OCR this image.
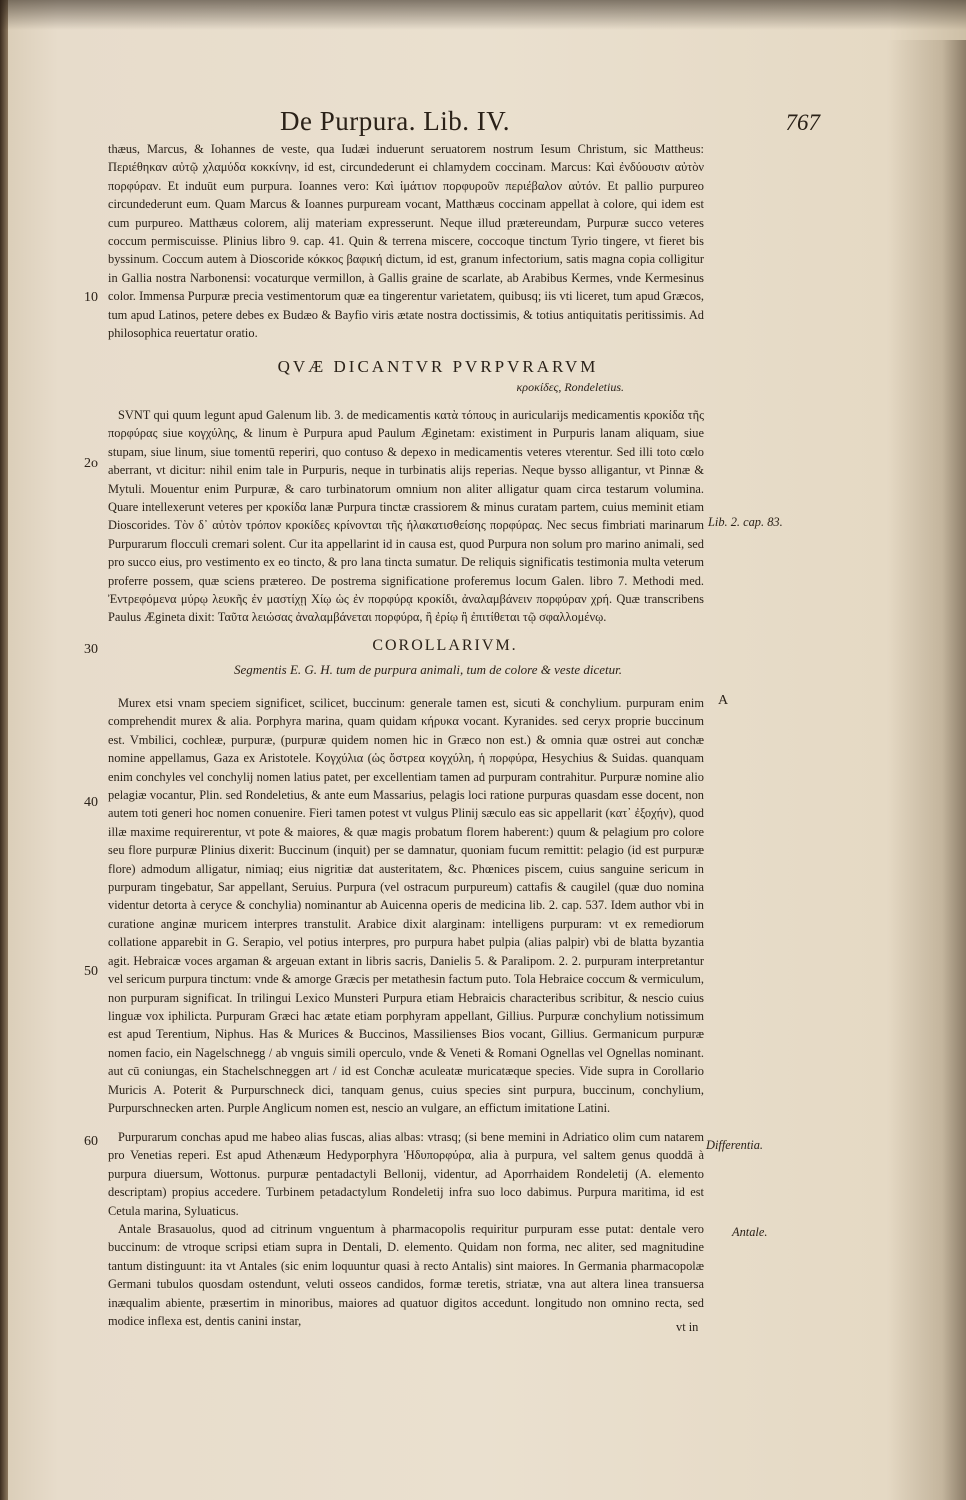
De Purpura. Lib. IV.	767

thæus, Marcus, & Iohannes de veste, qua Iudæi induerunt seruatorem nostrum Iesum Christum, sic Mattheus: Περιέθηκαν αὐτῷ χλαμύδα κοκκίνην, id est, circundederunt ei chlamydem coccinam. Marcus: Καὶ ἐνδύουσιν αὐτὸν πορφύραν. Et induūt eum purpura. Ioannes vero: Καὶ ἱμάτιον πορφυροῦν περιέβαλον αὐτόν. Et pallio purpureo circundederunt eum. Quam Marcus & Ioannes purpuream vocant, Matthæus coccinam appellat à colore, qui idem est cum purpureo. Matthæus colorem, alij materiam expresserunt. Neque illud prætereundam, Purpuræ succo veteres coccum permiscuisse. Plinius libro 9. cap. 41. Quin & terrena miscere, coccoque tinctum Tyrio tingere, vt fieret bis byssinum. Coccum autem à Dioscoride κόκκος βαφική dictum, id est, granum infectorium, satis magna copia colligitur in Gallia nostra Narbonensi: vocaturque vermillon, à Gallis graine de scarlate, ab Arabibus Kermes, vnde Kermesinus color. Immensa Purpuræ precia vestimentorum quæ ea tingerentur varietatem, quibusq; iis vti liceret, tum apud Græcos, tum apud Latinos, petere debes ex Budæo & Bayfio viris ætate nostra doctissimis, & totius antiquitatis peritissimis. Ad philosophica reuertatur oratio.

QVÆ DICANTVR PVRPVRARVM
κροκίδες, Rondeletius.

SVNT qui quum legunt apud Galenum lib. 3. de medicamentis κατὰ τόπους in auricularijs medicamentis κροκίδα τῆς πορφύρας siue κογχύλης, & linum è Purpura apud Paulum Æginetam: existiment in Purpuris lanam aliquam, siue stupam, siue linum, siue tomentū reperiri, quo contuso & depexo in medicamentis veteres vterentur. Sed illi toto cœlo aberrant, vt dicitur: nihil enim tale in Purpuris, neque in turbinatis alijs reperias. Neque bysso alligantur, vt Pinnæ & Mytuli. Mouentur enim Purpuræ, & caro turbinatorum omnium non aliter alligatur quam circa testarum volumina. Quare intellexerunt veteres per κροκίδα lanæ Purpura tinctæ crassiorem & minus curatam partem, cuius meminit etiam Dioscorides. Τὸν δ᾽ αὐτὸν τρόπον κροκίδες κρίνονται τῆς ἡλακατισθείσης πορφύρας. Nec secus fimbriati marinarum Purpurarum flocculi cremari solent. Cur ita appellarint id in causa est, quod Purpura non solum pro marino animali, sed pro succo eius, pro vestimento ex eo tincto, & pro lana tincta sumatur. De reliquis significatis testimonia multa veterum proferre possem, quæ sciens prætereo. De postrema significatione proferemus locum Galen. libro 7. Methodi med. Ἐντρεφόμενα μύρῳ λευκῆς ἐν μαστίχῃ Χίῳ ὡς ἐν πορφύρᾳ κροκίδι, ἀναλαμβάνειν πορφύραν χρή. Quæ transcribens Paulus Ægineta dixit: Ταῦτα λειώσας ἀναλαμβάνεται πορφύρα, ἢ ἐρίῳ ἢ ἐπιτίθεται τῷ σφαλλομένῳ.

COROLLARIVM.
Segmentis E. G. H. tum de purpura animali, tum de colore & veste dicetur.

Murex etsi vnam speciem significet, scilicet, buccinum: generale tamen est, sicuti & conchylium. purpuram enim comprehendit murex & alia. Porphyra marina, quam quidam κήρυκα vocant. Kyranides. sed ceryx proprie buccinum est. Vmbilici, cochleæ, purpuræ, (purpuræ quidem nomen hic in Græco non est.) & omnia quæ ostrei aut conchæ nomine appellamus, Gaza ex Aristotele. Κογχύλια (ὡς ὄστρεα κογχύλη, ἡ πορφύρα, Hesychius & Suidas. quanquam enim conchyles vel conchylij nomen latius patet, per excellentiam tamen ad purpuram contrahitur. Purpuræ nomine alio pelagiæ vocantur, Plin. sed Rondeletius, & ante eum Massarius, pelagis loci ratione purpuras quasdam esse docent, non autem toti generi hoc nomen conuenire. Fieri tamen potest vt vulgus Plinij sæculo eas sic appellarit (κατ᾽ ἐξοχήν), quod illæ maxime requirerentur, vt pote & maiores, & quæ magis probatum florem haberent:) quum & pelagium pro colore seu flore purpuræ Plinius dixerit: Buccinum (inquit) per se damnatur, quoniam fucum remittit: pelagio (id est purpuræ flore) admodum alligatur, nimiaq; eius nigritiæ dat austeritatem, &c. Phœnices piscem, cuius sanguine sericum in purpuram tingebatur, Sar appellant, Seruius. Purpura (vel ostracum purpureum) cattafis & caugilel (quæ duo nomina videntur detorta à ceryce & conchylia) nominantur ab Auicenna operis de medicina lib. 2. cap. 537. Idem author vbi in curatione anginæ muricem interpres transtulit. Arabice dixit alarginam: intelligens purpuram: vt ex remediorum collatione apparebit in G. Serapio, vel potius interpres, pro purpura habet pulpia (alias palpir) vbi de blatta byzantia agit. Hebraicæ voces argaman & argeuan extant in libris sacris, Danielis 5. & Paralipom. 2. 2. purpuram interpretantur vel sericum purpura tinctum: vnde & amorge Græcis per metathesin factum puto. Tola Hebraice coccum & vermiculum, non purpuram significat. In trilingui Lexico Munsteri Purpura etiam Hebraicis characteribus scribitur, & nescio cuius linguæ vox iphilicta. Purpuram Græci hac ætate etiam porphyram appellant, Gillius. Purpuræ conchylium notissimum est apud Terentium, Niphus. Has & Murices & Buccinos, Massilienses Bios vocant, Gillius. Germanicum purpuræ nomen facio, ein Nagelschnegg / ab vnguis simili operculo, vnde & Veneti & Romani Ognellas vel Ognellas nominant. aut cū coniungas, ein Stachelschneggen art / id est Conchæ aculeatæ muricatæque species. Vide supra in Corollario Muricis A. Poterit & Purpurschneck dici, tanquam genus, cuius species sint purpura, buccinum, conchylium, Purpurschnecken arten. Purple Anglicum nomen est, nescio an vulgare, an effictum imitatione Latini.

Purpurarum conchas apud me habeo alias fuscas, alias albas: vtrasq; (si bene memini in Adriatico olim cum natarem pro Venetias reperi. Est apud Athenæum Hedyporphyra Ἡδυπορφύρα, alia à purpura, vel saltem genus quoddā à purpura diuersum, Wottonus. purpuræ pentadactyli Bellonij, videntur, ad Aporrhaidem Rondeletij (A. elemento descriptam) propius accedere. Turbinem petadactylum Rondeletij infra suo loco dabimus. Purpura maritima, id est Cetula marina, Syluaticus.

Antale Brasauolus, quod ad citrinum vnguentum à pharmacopolis requiritur purpuram esse putat: dentale vero buccinum: de vtroque scripsi etiam supra in Dentali, D. elemento. Quidam non forma, nec aliter, sed magnitudine tantum distinguunt: ita vt Antales (sic enim loquuntur quasi à recto Antalis) sint maiores. In Germania pharmacopolæ Germani tubulos quosdam ostendunt, veluti osseos candidos, formæ teretis, striatæ, vna aut altera linea transuersa inæqualim abiente, præsertim in minoribus, maiores ad quatuor digitos accedunt. longitudo non omnino recta, sed modice inflexa est, dentis canini instar,	vt in
10
2o
30
40
50
60
Lib. 2. cap. 83.
A
Differentia.
Antale.
